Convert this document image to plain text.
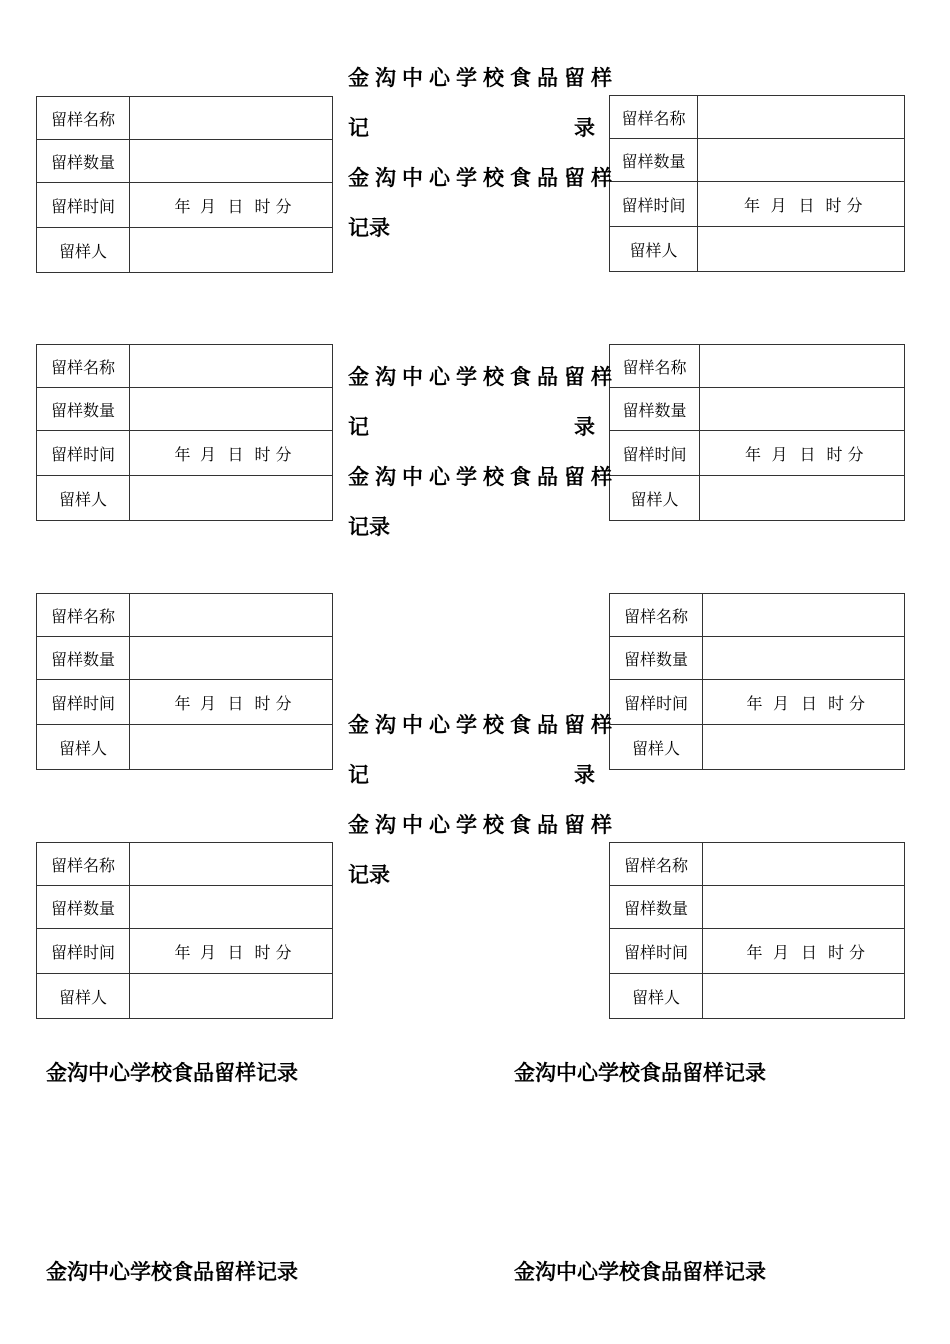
留样名称	
留样数量	
留样时间	年 月 日 时 分
留样人	
留样名称	
留样数量	
留样时间	年 月 日 时 分
留样人	
留样名称	
留样数量	
留样时间	年 月 日 时 分
留样人	
留样名称	
留样数量	
留样时间	年 月 日 时 分
留样人	
留样名称	
留样数量	
留样时间	年 月 日 时 分
留样人	
留样名称	
留样数量	
留样时间	年 月 日 时 分
留样人	
留样名称	
留样数量	
留样时间	年 月 日 时 分
留样人	
留样名称	
留样数量	
留样时间	年 月 日 时 分
留样人	
金沟中心学校食品留样
记	录
金沟中心学校食品留样
记录
金沟中心学校食品留样
记	录
金沟中心学校食品留样
记录
金沟中心学校食品留样
记	录
金沟中心学校食品留样
记录
金沟中心学校食品留样记录	金沟中心学校食品留样记录
金沟中心学校食品留样记录	金沟中心学校食品留样记录
